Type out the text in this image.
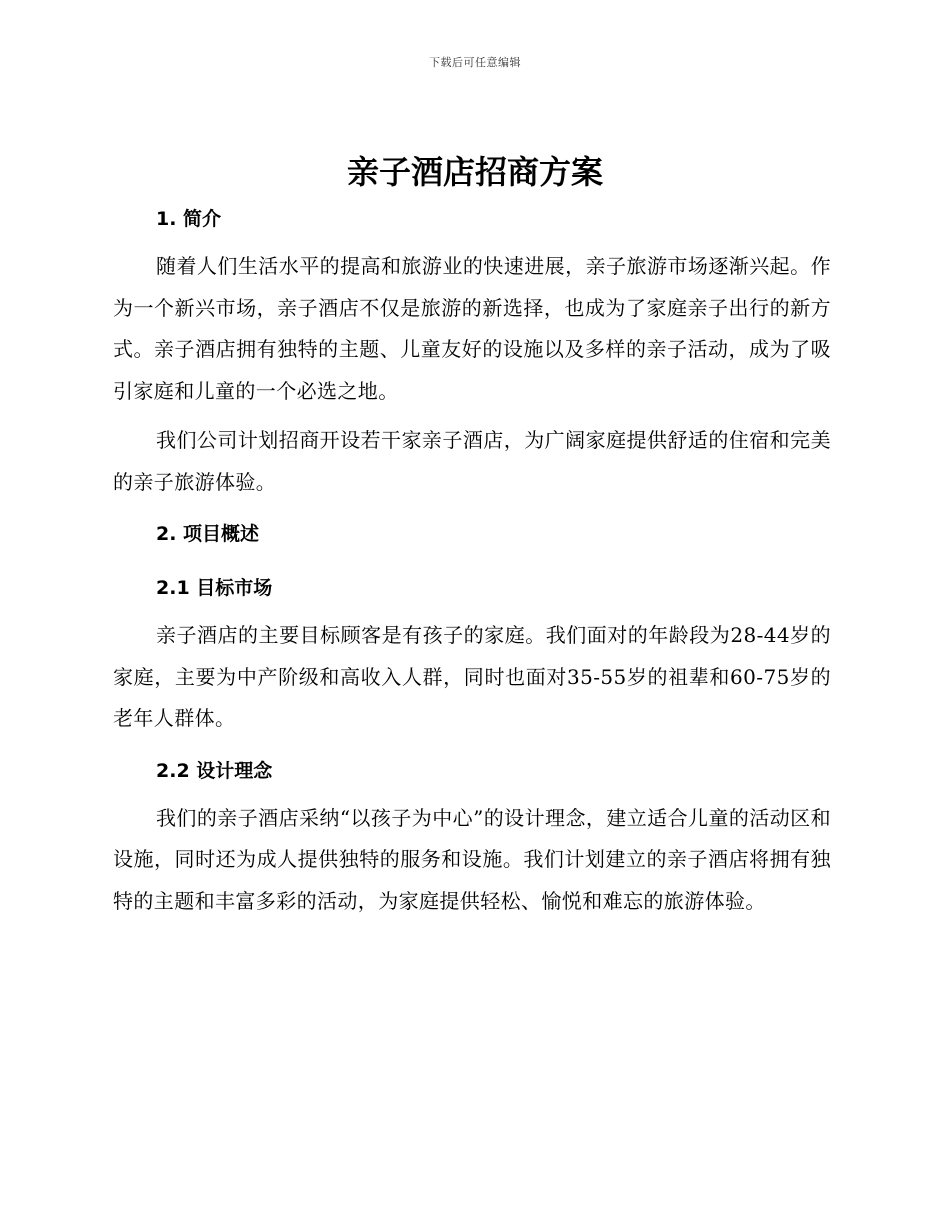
下载后可任意编辑
亲子酒店招商方案

1. 简介

随着人们生活水平的提高和旅游业的快速进展，亲子旅游市场逐渐兴起。作为一个新兴市场，亲子酒店不仅是旅游的新选择，也成为了家庭亲子出行的新方式。亲子酒店拥有独特的主题、儿童友好的设施以及多样的亲子活动，成为了吸引家庭和儿童的一个必选之地。

我们公司计划招商开设若干家亲子酒店，为广阔家庭提供舒适的住宿和完美的亲子旅游体验。

2. 项目概述

2.1 目标市场

亲子酒店的主要目标顾客是有孩子的家庭。我们面对的年龄段为28-44岁的家庭，主要为中产阶级和高收入人群，同时也面对35-55岁的祖辈和60-75岁的老年人群体。

2.2 设计理念

我们的亲子酒店采纳“以孩子为中心”的设计理念，建立适合儿童的活动区和设施，同时还为成人提供独特的服务和设施。我们计划建立的亲子酒店将拥有独特的主题和丰富多彩的活动，为家庭提供轻松、愉悦和难忘的旅游体验。
